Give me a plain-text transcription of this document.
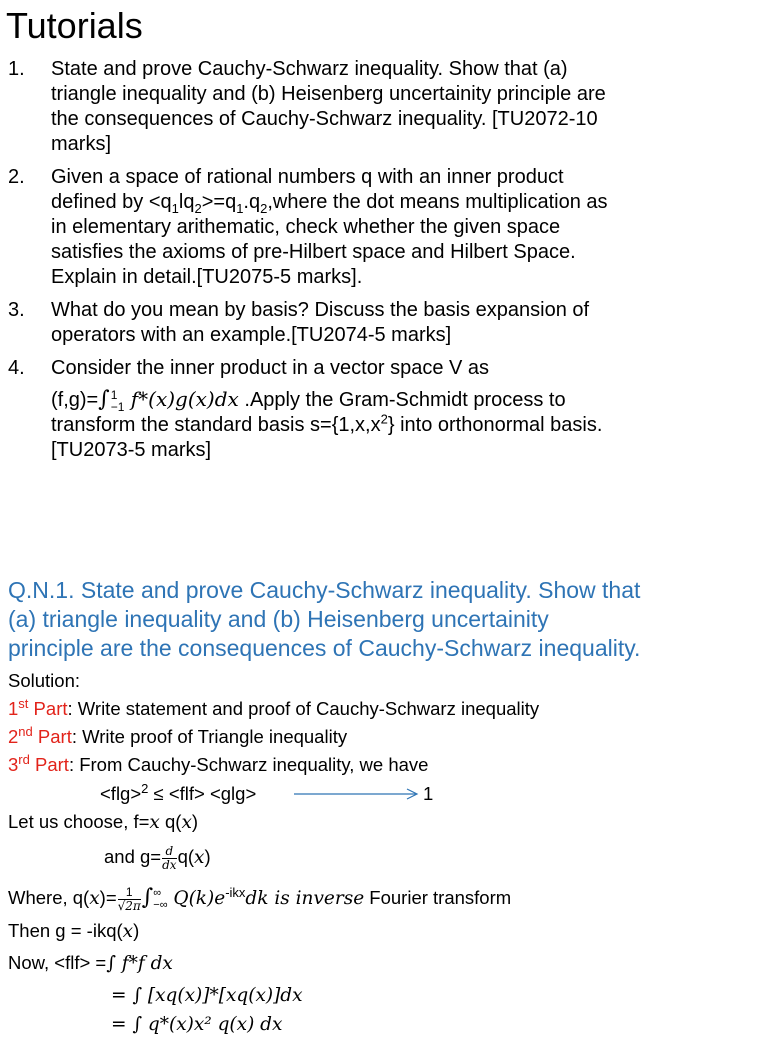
Tutorials
1. State and prove Cauchy-Schwarz inequality. Show that (a)
triangle inequality and (b) Heisenberg uncertainity principle are
the consequences of Cauchy-Schwarz inequality. [TU2072-10
marks]
2. Given a space of rational numbers q with an inner product
defined by $<q_1lq_2>=q_1.q_2,where$ the dot means multiplication as
in elementary arithematic, check whether the given space
satisfies the axioms of pre-Hilbert space and Hilbert Space.
Explain in detail.[TU2075-5 marks].
3. What do you mean by basis? Discuss the basis expansion of
operators with an example.[TU2074-5 marks]
4. Consider the inner product in a vector space V as
(f,g)=∫ 1
−1 f*(x)g(x)dx .Apply the Gram-Schmidt process to
transform the standard basis $s=\{1,x,x^2\}$ into orthonormal basis.
[TU2073-5 marks]
Q.N.1. State and prove Cauchy-Schwarz inequality. Show that
(a) triangle inequality and (b) Heisenberg uncertainity
principle are the consequences of Cauchy-Schwarz inequality.
Solution:
1st Part: Write statement and proof of Cauchy-Schwarz inequality
2nd Part: Write proof of Triangle inequality
3rd Part: From Cauchy-Schwarz inequality, we have
<flg>$^2$ ≤ <flf> <glg>	1
Let us choose, f=x q(x)
and $g= \frac{d}{dx} q(x)$
Where, $q(x)= \frac{1}{√2\pi}$ ∫ ∞
−∞ $Q(k)e^{-ikx}dk$ is inverse Fourier transform
Then g = -ikq(x)
Now, <flf> =∫ f*f dx
= ∫ [xq(x)]*[xq(x)]dx
= ∫ q*(x)x² q(x) dx
